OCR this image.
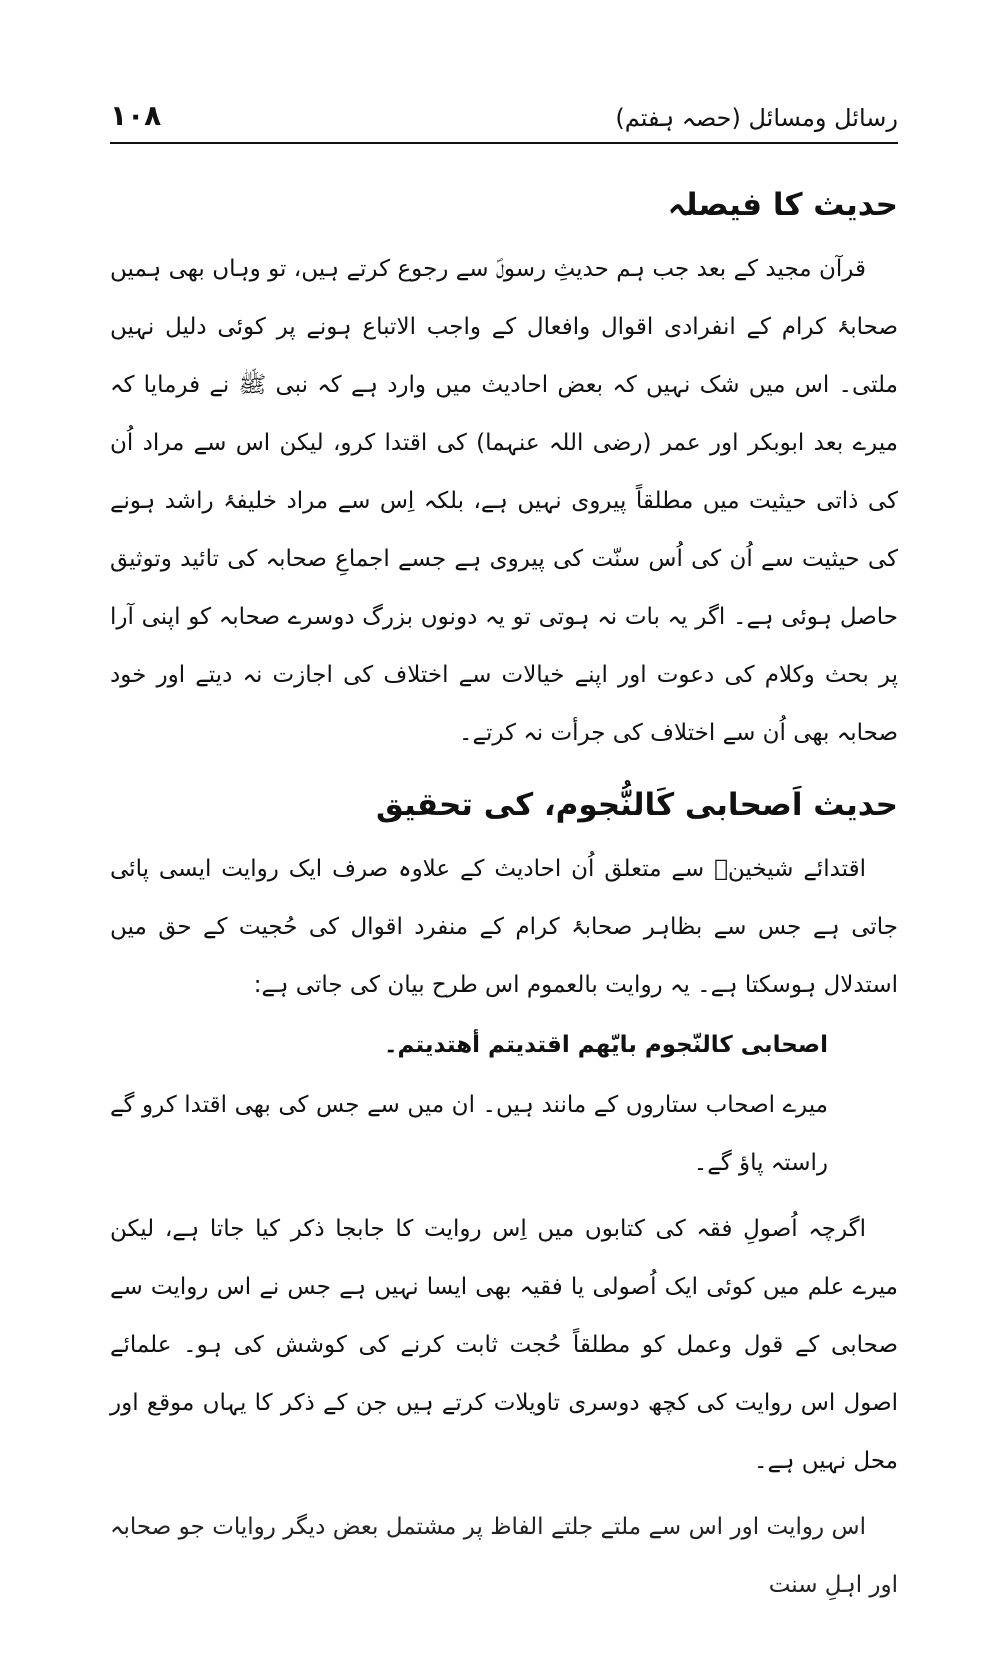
رسائل ومسائل (حصہ ہفتم)
۱۰۸
حدیث کا فیصلہ

قرآن مجید کے بعد جب ہم حدیثِ رسولؐ سے رجوع کرتے ہیں، تو وہاں بھی ہمیں صحابۂ کرام کے انفرادی اقوال وافعال کے واجب الاتباع ہونے پر کوئی دلیل نہیں ملتی۔ اس میں شک نہیں کہ بعض احادیث میں وارد ہے کہ نبی ﷺ نے فرمایا کہ میرے بعد ابوبکر اور عمر (رضی اللہ عنہما) کی اقتدا کرو، لیکن اس سے مراد اُن کی ذاتی حیثیت میں مطلقاً پیروی نہیں ہے، بلکہ اِس سے مراد خلیفۂ راشد ہونے کی حیثیت سے اُن کی اُس سنّت کی پیروی ہے جسے اجماعِ صحابہ کی تائید وتوثیق حاصل ہوئی ہے۔ اگر یہ بات نہ ہوتی تو یہ دونوں بزرگ دوسرے صحابہ کو اپنی آرا پر بحث وکلام کی دعوت اور اپنے خیالات سے اختلاف کی اجازت نہ دیتے اور خود صحابہ بھی اُن سے اختلاف کی جرأت نہ کرتے۔

حدیث اَصحابی کَالنُّجوم، کی تحقیق

اقتدائے شیخینؓ سے متعلق اُن احادیث کے علاوہ صرف ایک روایت ایسی پائی جاتی ہے جس سے بظاہر صحابۂ کرام کے منفرد اقوال کی حُجیت کے حق میں استدلال ہوسکتا ہے۔ یہ روایت بالعموم اس طرح بیان کی جاتی ہے:

اصحابی کالنّجوم بایّھم اقتدیتم أھتدیتم۔

میرے اصحاب ستاروں کے مانند ہیں۔ ان میں سے جس کی بھی اقتدا کرو گے راستہ پاؤ گے۔

اگرچہ اُصولِ فقہ کی کتابوں میں اِس روایت کا جابجا ذکر کیا جاتا ہے، لیکن میرے علم میں کوئی ایک اُصولی یا فقیہ بھی ایسا نہیں ہے جس نے اس روایت سے صحابی کے قول وعمل کو مطلقاً حُجت ثابت کرنے کی کوشش کی ہو۔ علمائے اصول اس روایت کی کچھ دوسری تاویلات کرتے ہیں جن کے ذکر کا یہاں موقع اور محل نہیں ہے۔

اس روایت اور اس سے ملتے جلتے الفاظ پر مشتمل بعض دیگر روایات جو صحابہ اور اہلِ سنت
